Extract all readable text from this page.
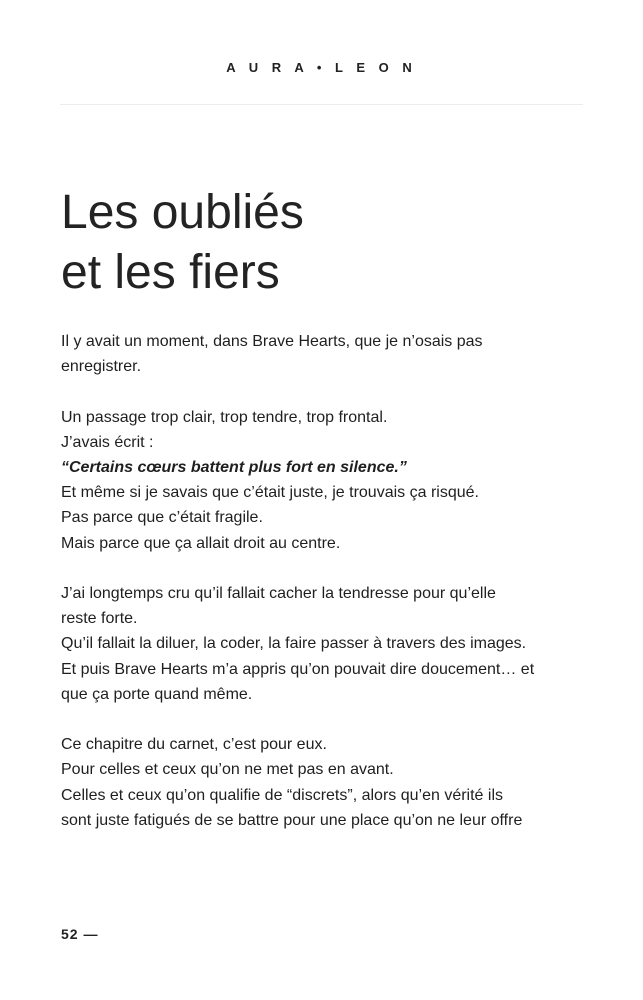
A U R A • L E O N
Les oubliés
et les fiers

Il y avait un moment, dans Brave Hearts, que je n’osais pas
enregistrer.

Un passage trop clair, trop tendre, trop frontal.
J’avais écrit :
“Certains cœurs battent plus fort en silence.”
Et même si je savais que c’était juste, je trouvais ça risqué.
Pas parce que c’était fragile.
Mais parce que ça allait droit au centre.

J’ai longtemps cru qu’il fallait cacher la tendresse pour qu’elle
reste forte.
Qu’il fallait la diluer, la coder, la faire passer à travers des images.
Et puis Brave Hearts m’a appris qu’on pouvait dire doucement… et
que ça porte quand même.

Ce chapitre du carnet, c’est pour eux.
Pour celles et ceux qu’on ne met pas en avant.
Celles et ceux qu’on qualifie de “discrets”, alors qu’en vérité ils
sont juste fatigués de se battre pour une place qu’on ne leur offre

52 —
